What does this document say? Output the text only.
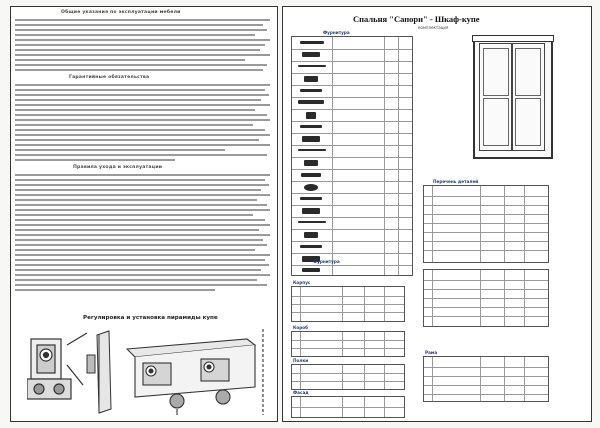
Общие указания по эксплуатации мебели
Гарантийные обязательства
Правила ухода и эксплуатации
Регулировка и установка пирамиды купе
Спальня "Сапори" - Шкаф-купе
комплектация
Фурнитура
Фурнитура
Перечень деталей
Корпус
Короб
Полки
Фасад
Рама
